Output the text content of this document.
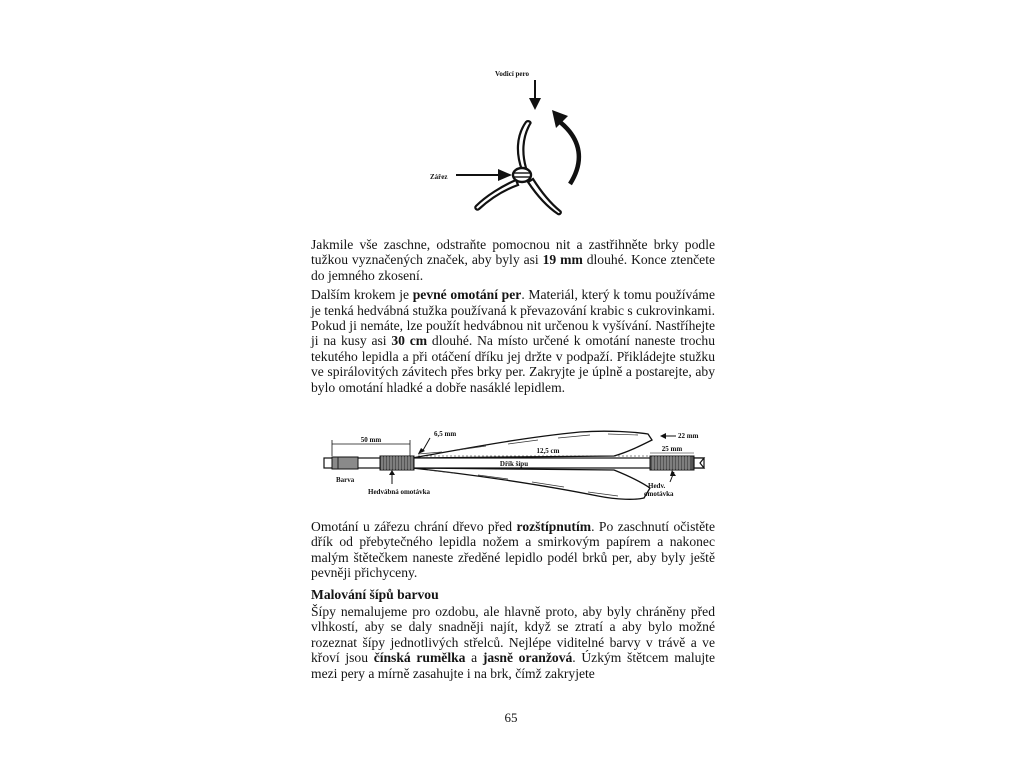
Vodicí pero
Zářez

Jakmile vše zaschne, odstraňte pomocnou nit a zastřihněte brky podle tužkou vyznačených značek, aby byly asi 19 mm dlouhé. Konce ztenčete do jemného zkosení.

Dalším krokem je pevné omotání per. Materiál, který k tomu používáme je tenká hedvábná stužka používaná k převazování krabic s cukrovinkami. Pokud ji nemáte, lze použít hedvábnou nit určenou k vyšívání. Nastříhejte ji na kusy asi 30 cm dlouhé. Na místo určené k omotání naneste trochu tekutého lepidla a při otáčení dříku jej držte v podpaží. Přikládejte stužku ve spirálovitých závitech přes brky per. Zakryjte je úplně a postarejte, aby bylo omotání hladké a dobře nasáklé lepidlem.

50 mm
6,5 mm
12,5 cm
22 mm
25 mm
Dřík šípu
Barva
Hedvábná omotávka
Hedv.
omotávka

Omotání u zářezu chrání dřevo před rozštípnutím. Po zaschnutí očistěte dřík od přebytečného lepidla nožem a smirkovým papírem a nakonec malým štětečkem naneste zředěné lepidlo podél brků per, aby byly ještě pevněji přichyceny.

Malování šípů barvou

Šípy nemalujeme pro ozdobu, ale hlavně proto, aby byly chráněny před vlhkostí, aby se daly snadněji najít, když se ztratí a aby bylo možné rozeznat šípy jednotlivých střelců. Nejlépe viditelné barvy v trávě a ve křoví jsou čínská rumělka a jasně oranžová. Úzkým štětcem malujte mezi pery a mírně zasahujte i na brk, čímž zakryjete

65
